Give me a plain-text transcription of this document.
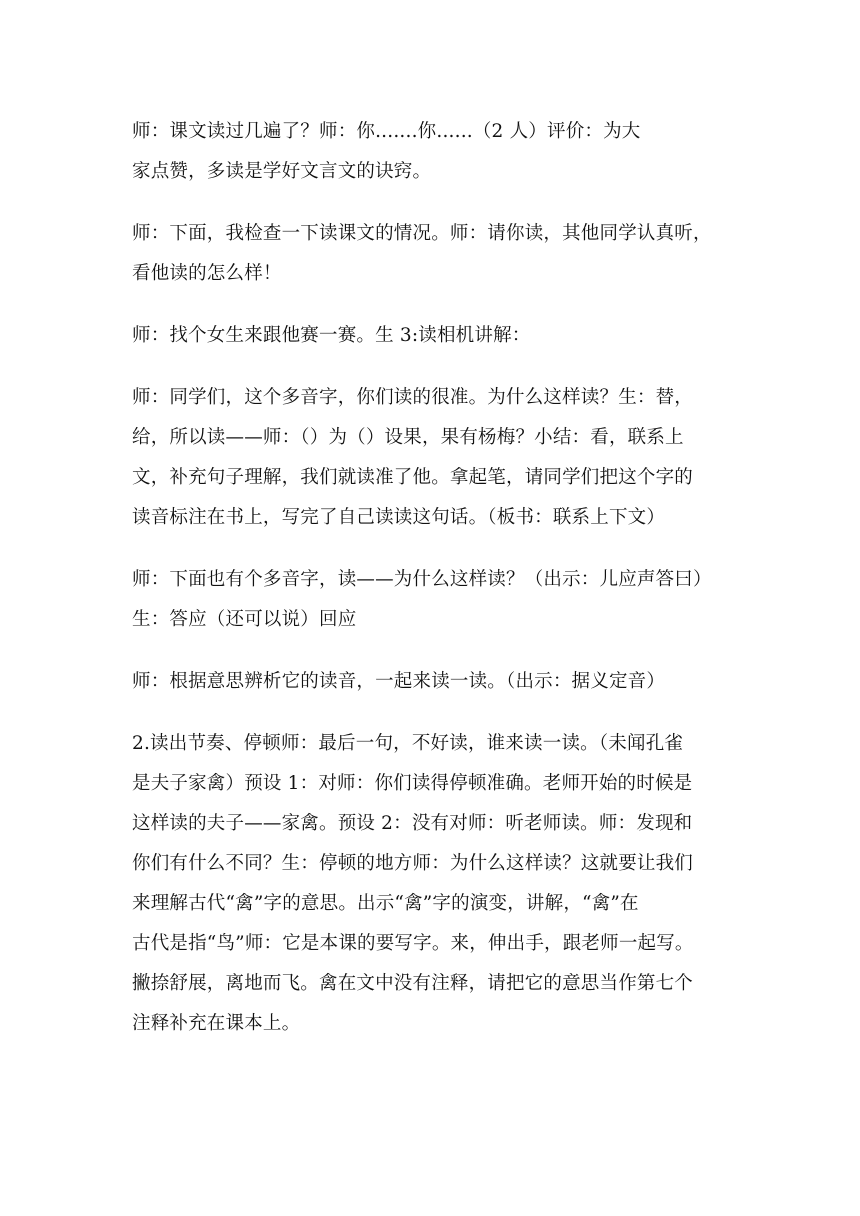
师：课文读过几遍了？师：你.......你......（2 人）评价：为大
家点赞，多读是学好文言文的诀窍。

师：下面，我检查一下读课文的情况。师：请你读，其他同学认真听，
看他读的怎么样！

师：找个女生来跟他赛一赛。生 3:读相机讲解：

师：同学们，这个多音字，你们读的很准。为什么这样读？生：替，
给，所以读——师：（）为（）设果，果有杨梅？小结：看，联系上
文，补充句子理解，我们就读准了他。拿起笔，请同学们把这个字的
读音标注在书上，写完了自己读读这句话。（板书：联系上下文）

师：下面也有个多音字，读——为什么这样读？（出示：儿应声答曰）
生：答应（还可以说）回应

师：根据意思辨析它的读音，一起来读一读。（出示：据义定音）

2.读出节奏、停顿师：最后一句，不好读，谁来读一读。（未闻孔雀
是夫子家禽）预设 1：对师：你们读得停顿准确。老师开始的时候是
这样读的夫子——家禽。预设 2：没有对师：听老师读。师：发现和
你们有什么不同？生：停顿的地方师：为什么这样读？这就要让我们
来理解古代“禽”字的意思。出示“禽”字的演变，讲解，“禽”在
古代是指“鸟”师：它是本课的要写字。来，伸出手，跟老师一起写。
撇捺舒展，离地而飞。禽在文中没有注释，请把它的意思当作第七个
注释补充在课本上。
